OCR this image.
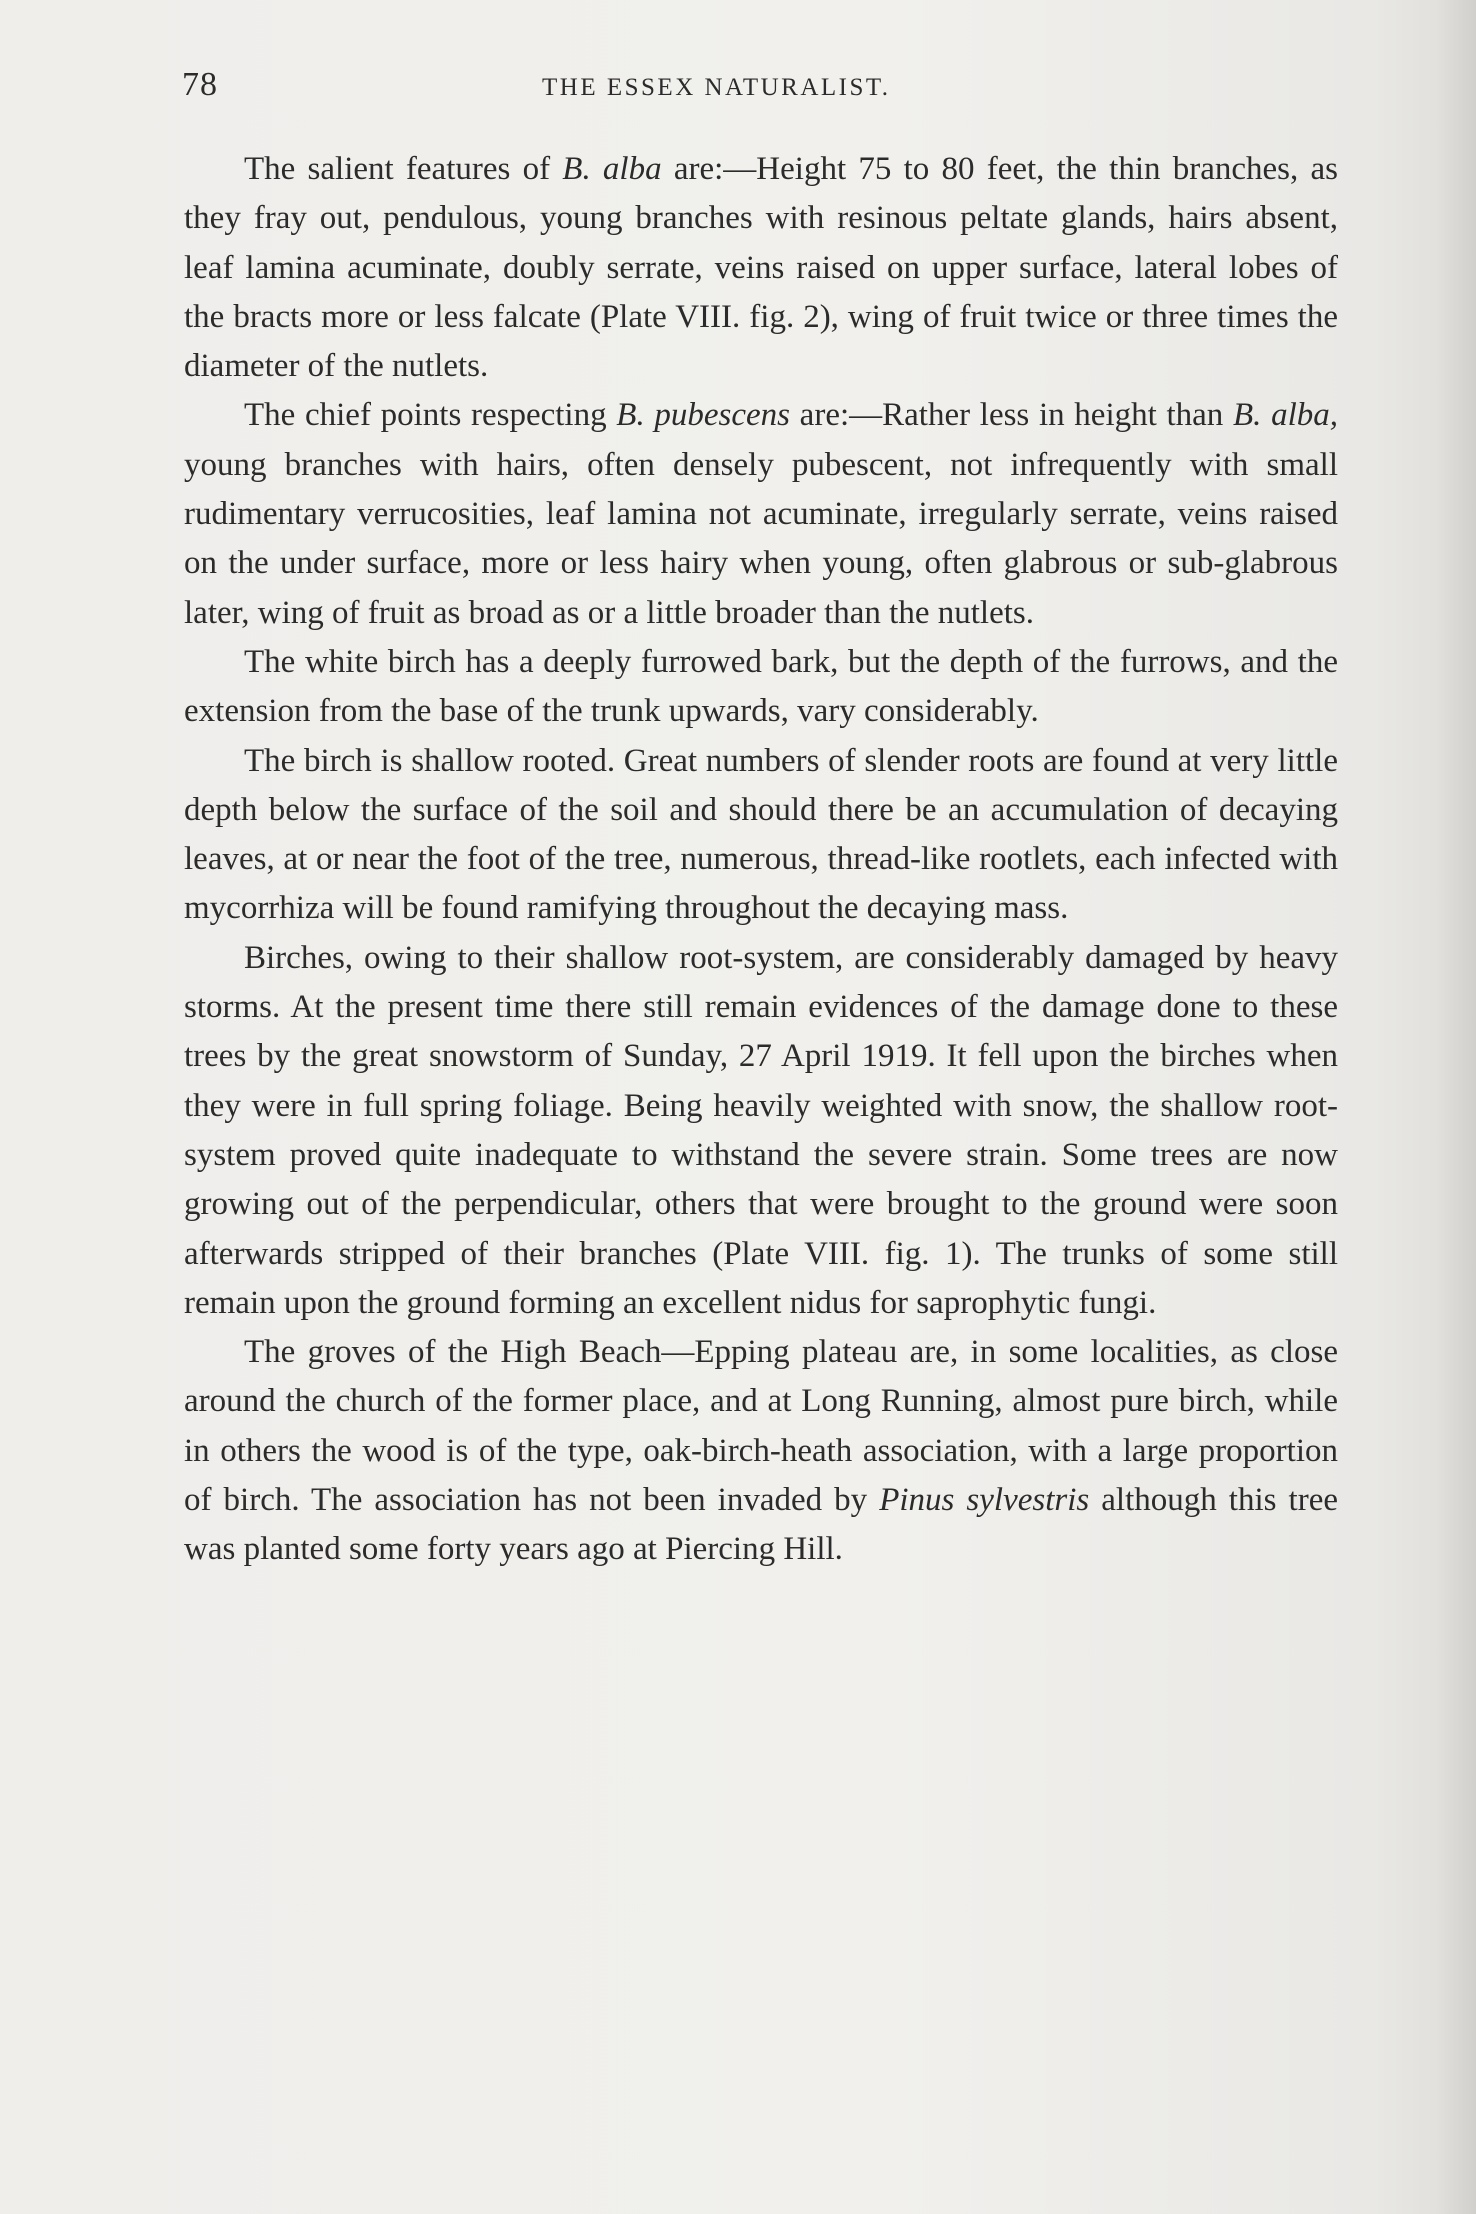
78	THE ESSEX NATURALIST.

The salient features of B. alba are:—Height 75 to 80 feet, the thin branches, as they fray out, pendulous, young branches with resinous peltate glands, hairs absent, leaf lamina acuminate, doubly serrate, veins raised on upper surface, lateral lobes of the bracts more or less falcate (Plate VIII. fig. 2), wing of fruit twice or three times the diameter of the nutlets.

The chief points respecting B. pubescens are:—Rather less in height than B. alba, young branches with hairs, often densely pubescent, not infrequently with small rudimentary verrucosities, leaf lamina not acuminate, irregularly serrate, veins raised on the under surface, more or less hairy when young, often glabrous or sub-glabrous later, wing of fruit as broad as or a little broader than the nutlets.

The white birch has a deeply furrowed bark, but the depth of the furrows, and the extension from the base of the trunk upwards, vary considerably.

The birch is shallow rooted. Great numbers of slender roots are found at very little depth below the surface of the soil and should there be an accumulation of decaying leaves, at or near the foot of the tree, numerous, thread-like rootlets, each infected with mycorrhiza will be found ramifying throughout the decaying mass.

Birches, owing to their shallow root-system, are considerably damaged by heavy storms. At the present time there still remain evidences of the damage done to these trees by the great snowstorm of Sunday, 27 April 1919. It fell upon the birches when they were in full spring foliage. Being heavily weighted with snow, the shallow root-system proved quite inadequate to withstand the severe strain. Some trees are now growing out of the perpendicular, others that were brought to the ground were soon afterwards stripped of their branches (Plate VIII. fig. 1). The trunks of some still remain upon the ground forming an excellent nidus for saprophytic fungi.

The groves of the High Beach—Epping plateau are, in some localities, as close around the church of the former place, and at Long Running, almost pure birch, while in others the wood is of the type, oak-birch-heath association, with a large proportion of birch. The association has not been invaded by Pinus sylvestris although this tree was planted some forty years ago at Piercing Hill.
